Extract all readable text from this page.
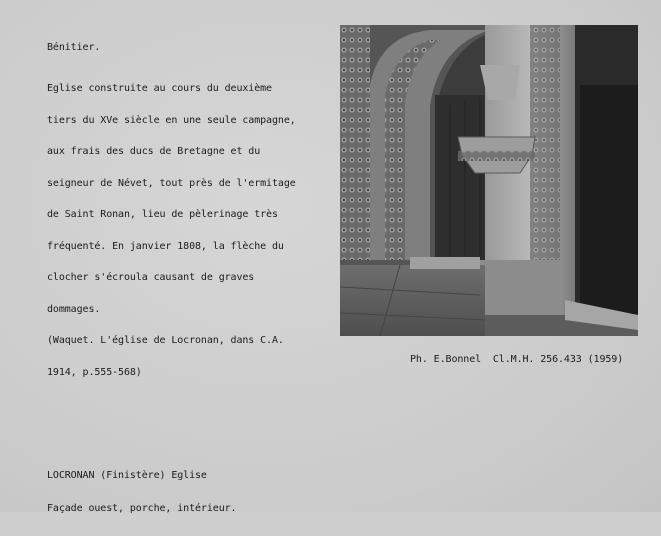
Bénitier.

Eglise construite au cours du deuxième

tiers du XVe siècle en une seule campagne,

aux frais des ducs de Bretagne et du

seigneur de Névet, tout près de l'ermitage

de Saint Ronan, lieu de pèlerinage très

fréquenté. En janvier 1808, la flèche du

clocher s'écroula causant de graves

dommages.

(Waquet. L'église de Locronan, dans C.A.

1914, p.555-568)

Ph. E.Bonnel  Cl.M.H. 256.433 (1959)

LOCRONAN (Finistère) Eglise

Façade ouest, porche, intérieur.
